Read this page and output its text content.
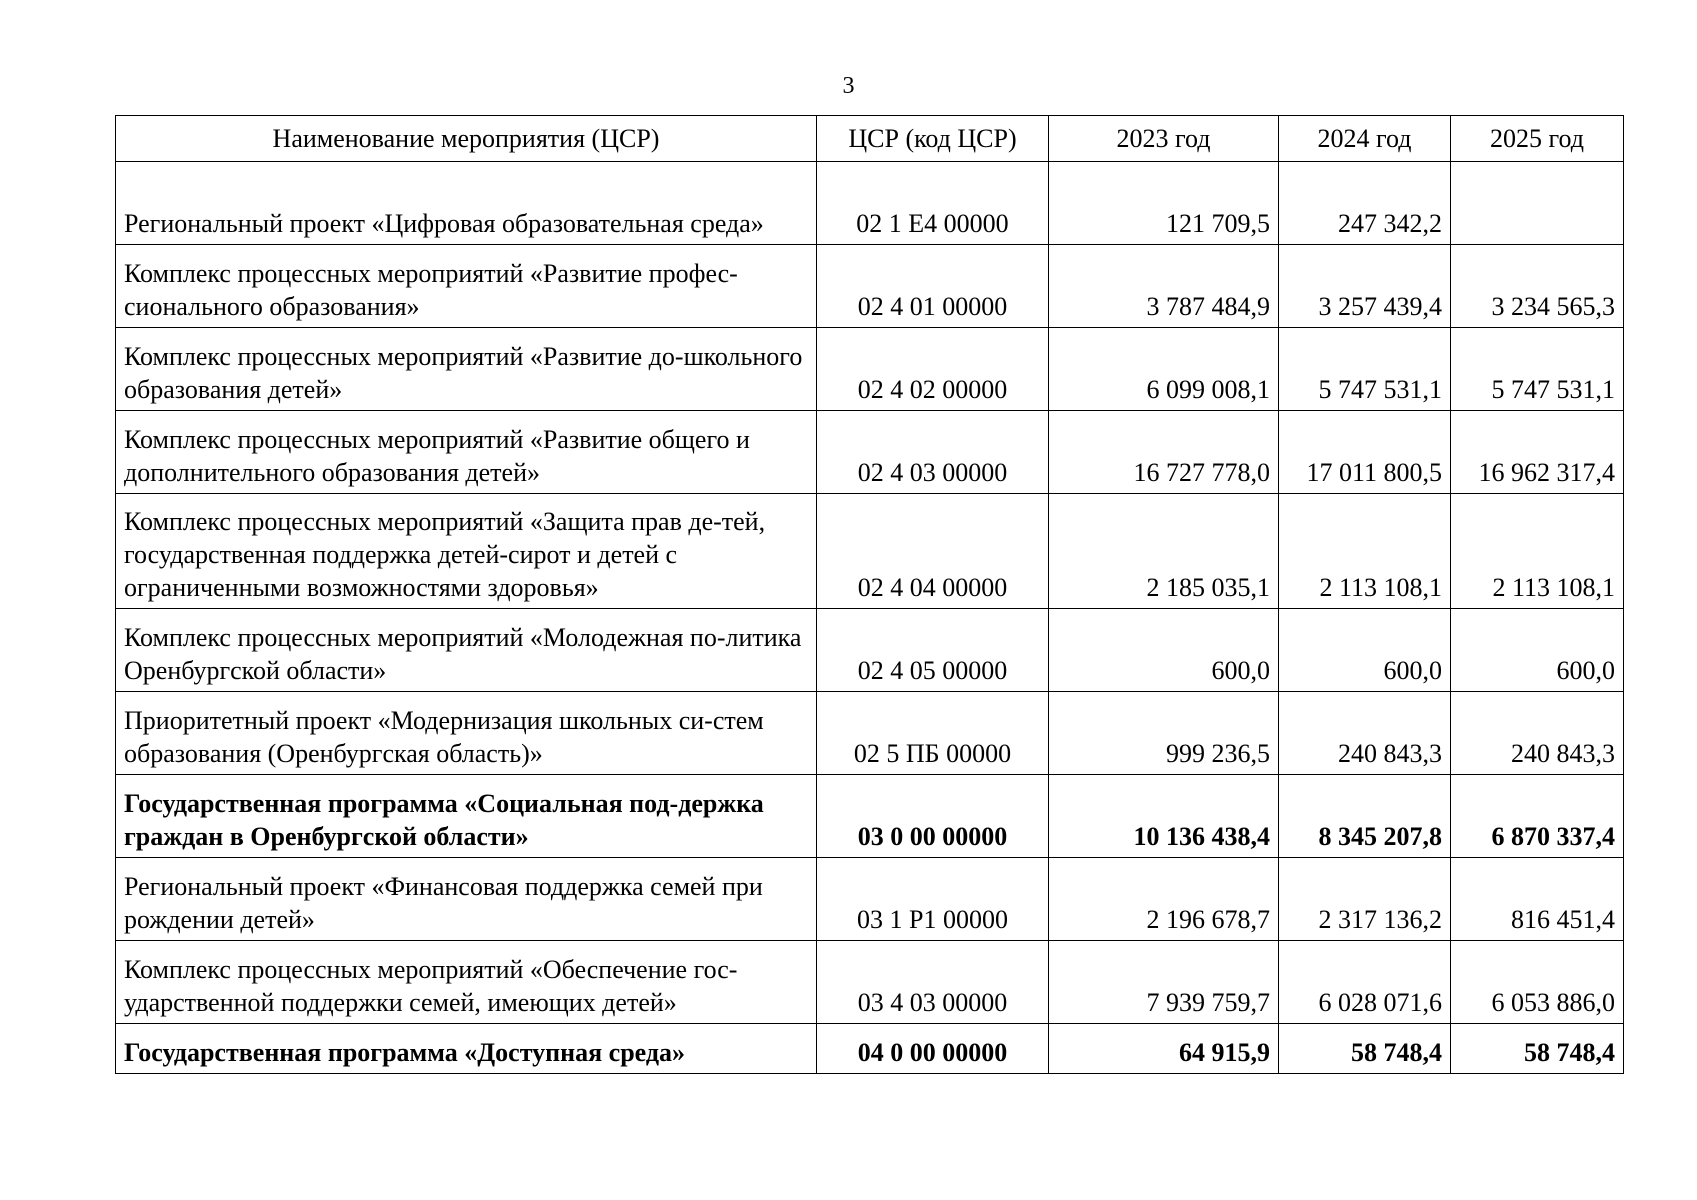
3
Наименование мероприятия (ЦСР)	ЦСР (код ЦСР)	2023 год	2024 год	2025 год
Региональный проект «Цифровая образовательная среда»	02 1 E4 00000	121 709,5	247 342,2	
Комплекс процессных мероприятий «Развитие профес-сионального образования»	02 4 01 00000	3 787 484,9	3 257 439,4	3 234 565,3
Комплекс процессных мероприятий «Развитие до-школьного образования детей»	02 4 02 00000	6 099 008,1	5 747 531,1	5 747 531,1
Комплекс процессных мероприятий «Развитие общего и дополнительного образования детей»	02 4 03 00000	16 727 778,0	17 011 800,5	16 962 317,4
Комплекс процессных мероприятий «Защита прав де-тей, государственная поддержка детей-сирот и детей с ограниченными возможностями здоровья»	02 4 04 00000	2 185 035,1	2 113 108,1	2 113 108,1
Комплекс процессных мероприятий «Молодежная по-литика Оренбургской области»	02 4 05 00000	600,0	600,0	600,0
Приоритетный проект «Модернизация школьных си-стем образования (Оренбургская область)»	02 5 ПБ 00000	999 236,5	240 843,3	240 843,3
Государственная программа «Социальная под-держка граждан в Оренбургской области»	03 0 00 00000	10 136 438,4	8 345 207,8	6 870 337,4
Региональный проект «Финансовая поддержка семей при рождении детей»	03 1 P1 00000	2 196 678,7	2 317 136,2	816 451,4
Комплекс процессных мероприятий «Обеспечение гос-ударственной поддержки семей, имеющих детей»	03 4 03 00000	7 939 759,7	6 028 071,6	6 053 886,0
Государственная программа «Доступная среда»	04 0 00 00000	64 915,9	58 748,4	58 748,4
